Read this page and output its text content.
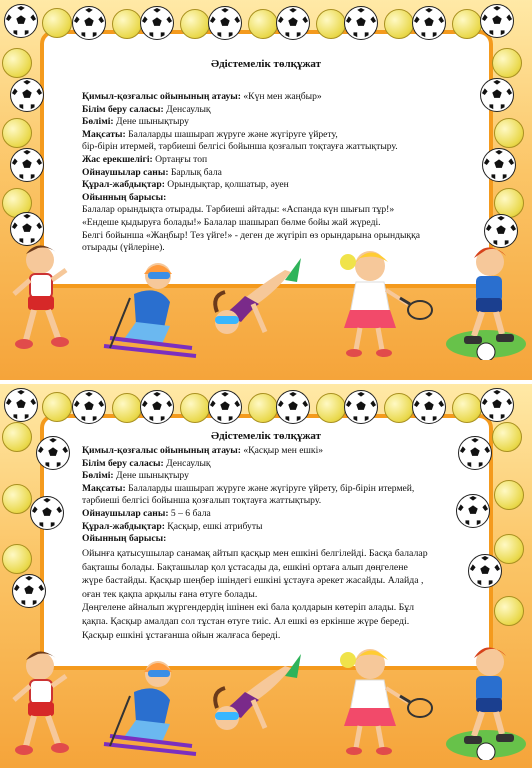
Әдістемелік төлқұжат

Қимыл-қозғалыс ойынының атауы: «Күн мен жаңбыр»

Білім беру саласы: Денсаулық

Бөлімі: Дене шынықтыру

Мақсаты: Балаларды шашырап жүруге және жүгіруге үйрету,

бір-бірін итермей, тәрбиеші белгісі бойынша қозғалып тоқтауға жаттықтыру.

Жас ерекшелігі: Ортаңғы топ

Ойнаушылар саны: Барлық бала

Құрал-жабдықтар: Орындықтар, қолшатыр, әуен

Ойынның барысы:

Балалар орындықта отырады. Тәрбиеші айтады: «Аспанда күн шығып тұр!»

«Ендеше қыдыруға болады!» Балалар шашырап бөлме бойы жай жүреді.

Белгі бойынша «Жаңбыр! Тез үйге!» - деген де жүгіріп өз орындарына орындыққа

отырады (үйлеріне).

Әдістемелік төлқұжат

Қимыл-қозғалыс ойынының атауы: «Қасқыр мен ешкі»

Білім беру саласы: Денсаулық

Бөлімі: Дене шынықтыру

Мақсаты: Балаларды шашырап жүруге және жүгіруге үйрету, бір-бірін итермей,

тәрбиеші белгісі бойынша қозғалып тоқтауға жаттықтыру.

Ойнаушылар саны: 5 – 6 бала

Құрал-жабдықтар: Қасқыр, ешкі атрибуты

Ойынның барысы:

Ойынға қатысушылар санамақ айтып қасқыр мен ешкіні белгілейді. Басқа балалар

бақташы болады. Бақташылар қол ұстасады да, ешкіні ортаға алып дөңгелене

жүре бастайды. Қасқыр шеңбер ішіндегі ешкіні ұстауға әрекет жасайды. Алайда ,

оған тек қақпа арқылы ғана өтуге болады.

Дөңгелене айналып жүргендердің ішінен екі бала қолдарын көтеріп алады. Бұл

қақпа. Қасқыр амалдап сол тұстан өтуге тиіс. Ал ешкі өз еркінше жүре береді.

Қасқыр ешкіні ұстағанша ойын жалғаса береді.
